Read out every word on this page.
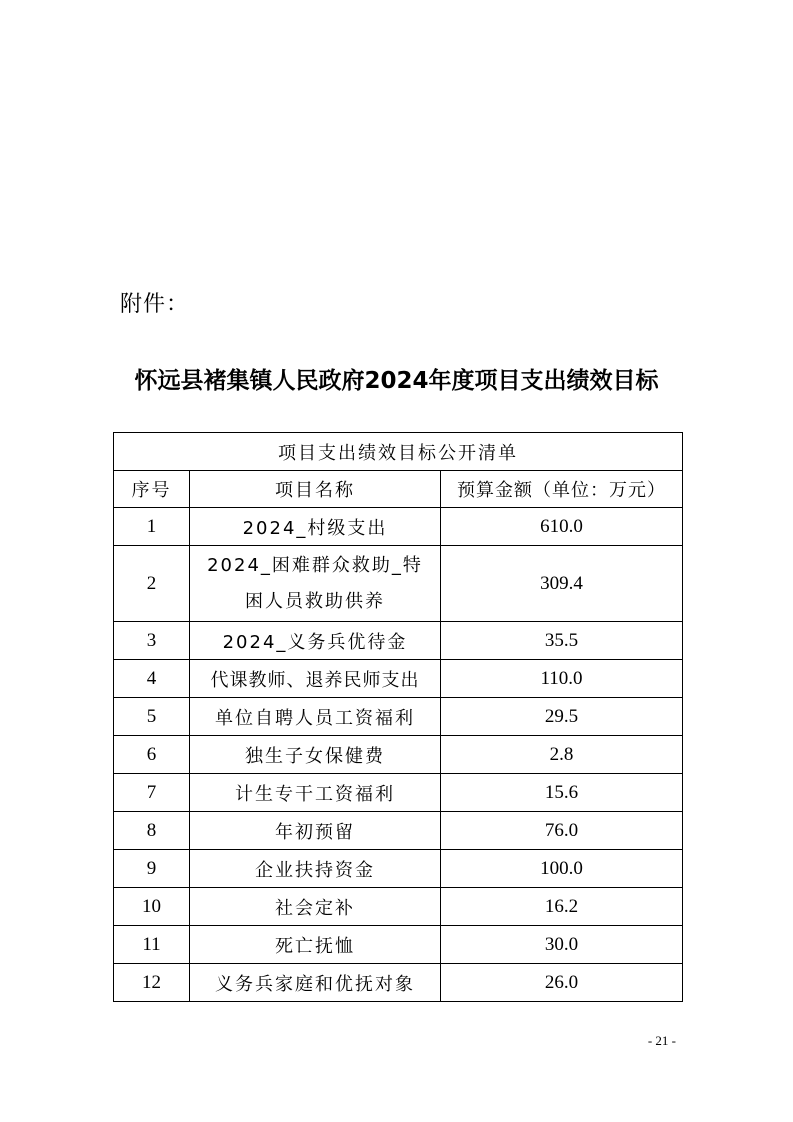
附件：
怀远县褚集镇人民政府2024年度项目支出绩效目标
项目支出绩效目标公开清单		
序号	项目名称	预算金额（单位：万元）
1	2024_村级支出	610.0
2	2024_困难群众救助_特困人员救助供养	309.4
3	2024_义务兵优待金	35.5
4	代课教师、退养民师支出	110.0
5	单位自聘人员工资福利	29.5
6	独生子女保健费	2.8
7	计生专干工资福利	15.6
8	年初预留	76.0
9	企业扶持资金	100.0
10	社会定补	16.2
11	死亡抚恤	30.0
12	义务兵家庭和优抚对象	26.0
- 21 -
